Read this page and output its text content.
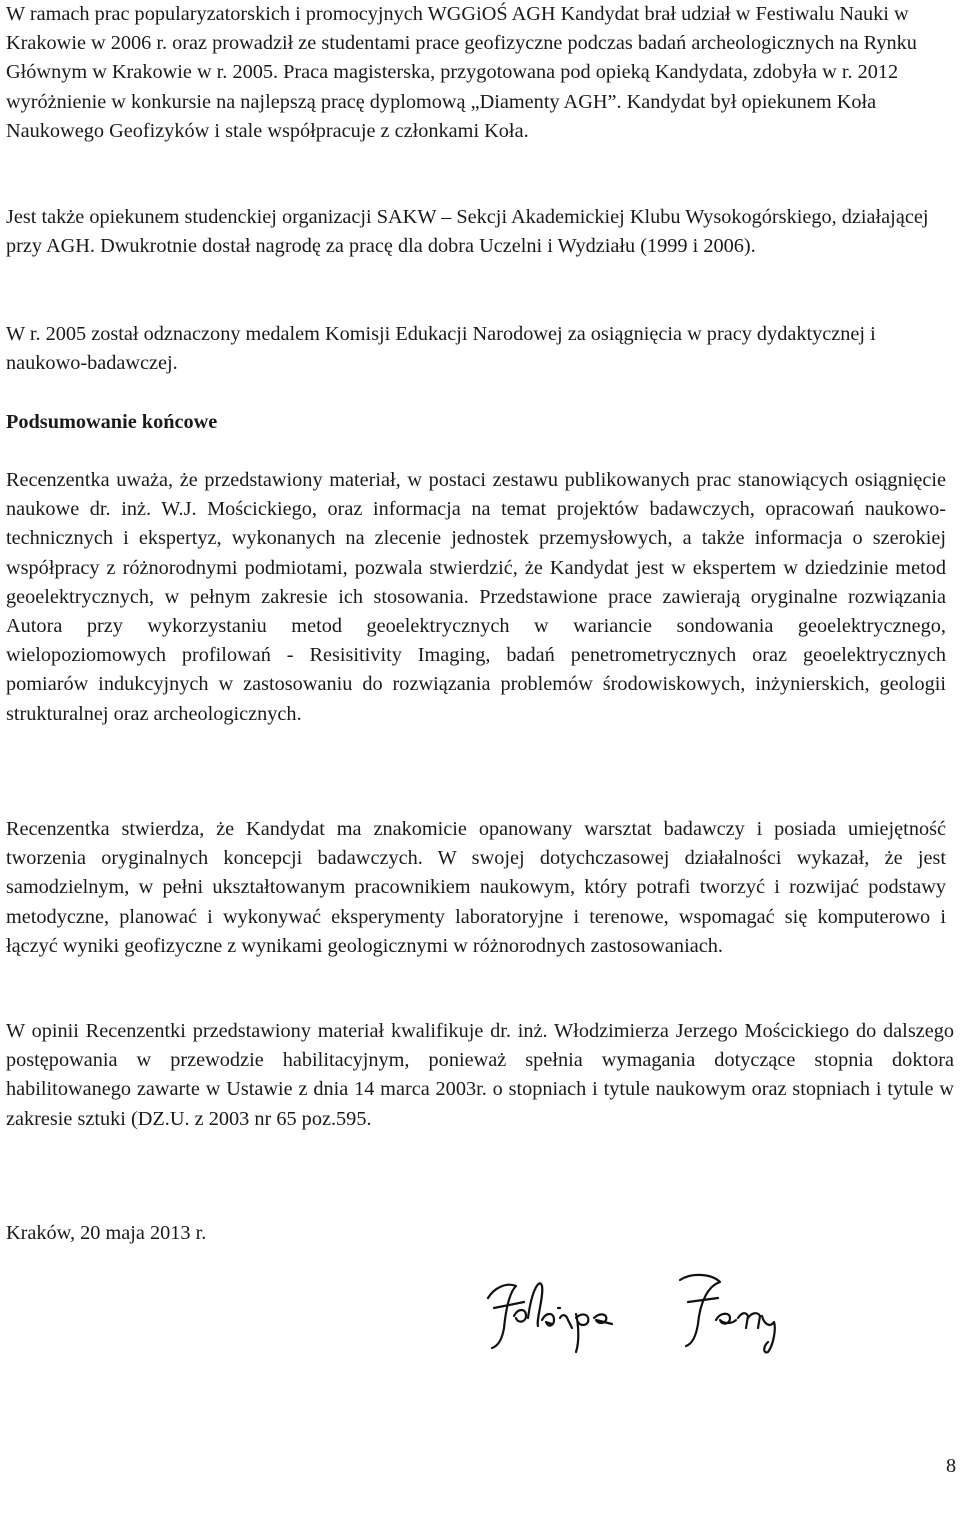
W ramach prac popularyzatorskich i promocyjnych WGGiOŚ AGH Kandydat brał udział w Festiwalu Nauki w Krakowie w 2006 r. oraz prowadził ze studentami prace geofizyczne podczas badań archeologicznych na Rynku Głównym w Krakowie w r. 2005. Praca magisterska, przygotowana pod opieką Kandydata, zdobyła w r. 2012 wyróżnienie w konkursie na najlepszą pracę dyplomową „Diamenty AGH”. Kandydat był opiekunem Koła Naukowego Geofizyków i stale współpracuje z członkami Koła.

Jest także opiekunem studenckiej organizacji SAKW – Sekcji Akademickiej Klubu Wysokogórskiego, działającej przy AGH. Dwukrotnie dostał nagrodę za pracę dla dobra Uczelni i Wydziału (1999 i 2006).

W r. 2005 został odznaczony medalem Komisji Edukacji Narodowej za osiągnięcia w pracy dydaktycznej i naukowo-badawczej.

Podsumowanie końcowe

Recenzentka uważa, że przedstawiony materiał, w postaci zestawu publikowanych prac stanowiących osiągnięcie naukowe dr. inż. W.J. Mościckiego, oraz informacja na temat projektów badawczych, opracowań naukowo-technicznych i ekspertyz, wykonanych na zlecenie jednostek przemysłowych, a także informacja o szerokiej współpracy z różnorodnymi podmiotami, pozwala stwierdzić, że Kandydat jest w ekspertem w dziedzinie metod geoelektrycznych, w pełnym zakresie ich stosowania. Przedstawione prace zawierają oryginalne rozwiązania Autora przy wykorzystaniu metod geoelektrycznych w wariancie sondowania geoelektrycznego, wielopoziomowych profilowań - Resisitivity Imaging, badań penetrometrycznych oraz geoelektrycznych pomiarów indukcyjnych w zastosowaniu do rozwiązania problemów środowiskowych, inżynierskich, geologii strukturalnej oraz archeologicznych.

Recenzentka stwierdza, że Kandydat ma znakomicie opanowany warsztat badawczy i posiada umiejętność tworzenia oryginalnych koncepcji badawczych. W swojej dotychczasowej działalności wykazał, że jest samodzielnym, w pełni ukształtowanym pracownikiem naukowym, który potrafi tworzyć i rozwijać podstawy metodyczne, planować i wykonywać eksperymenty laboratoryjne i terenowe, wspomagać się komputerowo i łączyć wyniki geofizyczne z wynikami geologicznymi w różnorodnych zastosowaniach.

W opinii Recenzentki przedstawiony materiał kwalifikuje dr. inż. Włodzimierza Jerzego Mościckiego do dalszego postępowania w przewodzie habilitacyjnym, ponieważ spełnia wymagania dotyczące stopnia doktora habilitowanego zawarte w Ustawie z dnia 14 marca 2003r. o stopniach i tytule naukowym oraz stopniach i tytule w zakresie sztuki (DZ.U. z 2003 nr 65 poz.595.

Kraków, 20 maja 2013 r.

8
